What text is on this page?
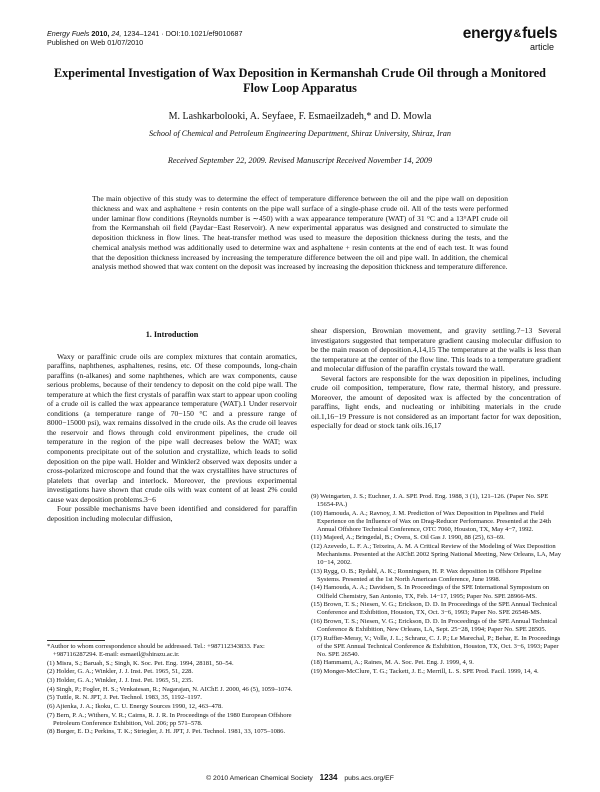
Energy Fuels 2010, 24, 1234–1241 · DOI:10.1021/ef9010687
Published on Web 01/07/2010
energy&fuels
article
Experimental Investigation of Wax Deposition in Kermanshah Crude Oil through a Monitored Flow Loop Apparatus
M. Lashkarbolooki, A. Seyfaee, F. Esmaeilzadeh,* and D. Mowla
School of Chemical and Petroleum Engineering Department, Shiraz University, Shiraz, Iran
Received September 22, 2009. Revised Manuscript Received November 14, 2009
The main objective of this study was to determine the effect of temperature difference between the oil and the pipe wall on deposition thickness and wax and asphaltene + resin contents on the pipe wall surface of a single-phase crude oil. All of the tests were performed under laminar flow conditions (Reynolds number is ∼450) with a wax appearance temperature (WAT) of 31 °C and a 13°API crude oil from the Kermanshah oil field (Paydar−East Reservoir). A new experimental apparatus was designed and constructed to simulate the deposition thickness in flow lines. The heat-transfer method was used to measure the deposition thickness during the tests, and the chemical analysis method was additionally used to determine wax and asphaltene + resin contents at the end of each test. It was found that the deposition thickness increased by increasing the temperature difference between the oil and pipe wall. In addition, the chemical analysis method showed that wax content on the deposit was increased by increasing the deposition thickness and temperature difference.
1. Introduction

Waxy or paraffinic crude oils are complex mixtures that contain aromatics, paraffins, naphthenes, asphaltenes, resins, etc. Of these compounds, long-chain paraffins (n-alkanes) and some naphthenes, which are wax components, cause serious problems, because of their tendency to deposit on the cold pipe wall. The temperature at which the first crystals of paraffin wax start to appear upon cooling of a crude oil is called the wax appearance temperature (WAT).1 Under reservoir conditions (a temperature range of 70−150 °C and a pressure range of 8000−15000 psi), wax remains dissolved in the crude oils. As the crude oil leaves the reservoir and flows through cold environment pipelines, the crude oil temperature in the region of the pipe wall decreases below the WAT; wax components precipitate out of the solution and crystallize, which leads to solid deposition on the pipe wall. Holder and Winkler2 observed wax deposits under a cross-polarized microscope and found that the wax crystallites have structures of platelets that overlap and interlock. Moreover, the previous experimental investigations have shown that crude oils with wax content of at least 2% could cause wax deposition problems.3−6

Four possible mechanisms have been identified and considered for paraffin deposition including molecular diffusion,

shear dispersion, Brownian movement, and gravity settling.7−13 Several investigators suggested that temperature gradient causing molecular diffusion to be the main reason of deposition.4,14,15 The temperature at the walls is less than the temperature at the center of the flow line. This leads to a temperature gradient and molecular diffusion of the paraffin crystals toward the wall.

Several factors are responsible for the wax deposition in pipelines, including crude oil composition, temperature, flow rate, thermal history, and pressure. Moreover, the amount of deposited wax is affected by the concentration of paraffins, light ends, and nucleating or inhibiting materials in the crude oil.1,16−19 Pressure is not considered as an important factor for wax deposition, especially for dead or stock tank oils.16,17

*Author to whom correspondence should be addressed. Tel.: +987112343833. Fax: +987116287294. E-mail: esmaeil@shirazu.ac.ir.
(1) Misra, S.; Baruah, S.; Singh, K. Soc. Pet. Eng. 1994, 28181, 50–54.
(2) Holder, G. A.; Winkler, J. J. Inst. Pet. 1965, 51, 228.
(3) Holder, G. A.; Winkler, J. J. Inst. Pet. 1965, 51, 235.
(4) Singh, P.; Fogler, H. S.; Venkatesan, R.; Nagarajan, N. AIChE J. 2000, 46 (5), 1059–1074.
(5) Tuttle, R. N. JPT, J. Pet. Technol. 1983, 35, 1192–1197.
(6) Ajienka, J. A.; Ikoku, C. U. Energy Sources 1990, 12, 463–478.
(7) Bern, P. A.; Withers, V. R.; Cairns, R. J. R. In Proceedings of the 1980 European Offshore Petroleum Conference Exhibition, Vol. 206; pp 571–578.
(8) Burger, E. D.; Perkins, T. K.; Striegler, J. H. JPT, J. Pet. Technol. 1981, 33, 1075–1086.
(9) Weingarten, J. S.; Euchner, J. A. SPE Prod. Eng. 1988, 3 (1), 121–126. (Paper No. SPE 15654-PA.)
(10) Hamouda, A. A.; Ravnoy, J. M. Prediction of Wax Deposition in Pipelines and Field Experience on the Influence of Wax on Drag-Reducer Performance. Presented at the 24th Annual Offshore Technical Conference, OTC 7060, Houston, TX, May 4−7, 1992.
(11) Majeed, A.; Bringedal, B.; Overa, S. Oil Gas J. 1990, 88 (25), 63–69.
(12) Azevedo, L. F. A.; Teixeira, A. M. A Critical Review of the Modeling of Wax Deposition Mechanisms. Presented at the AIChE 2002 Spring National Meeting, New Orleans, LA, May 10−14, 2002.
(13) Rygg, O. B.; Rydahl, A. K.; Ronningsen, H. P. Wax deposition in Offshore Pipeline Systems. Presented at the 1st North American Conference, June 1998.
(14) Hamouda, A. A.; Davidsen, S. In Proceedings of the SPE International Symposium on Oilfield Chemistry, San Antonio, TX, Feb. 14−17, 1995; Paper No. SPE 28966-MS.
(15) Brown, T. S.; Niesen, V. G.; Erickson, D. D. In Proceedings of the SPE Annual Technical Conference and Exhibition, Houston, TX, Oct. 3−6, 1993; Paper No. SPE 26548-MS.
(16) Brown, T. S.; Niesen, V. G.; Erickson, D. D. In Proceedings of the SPE Annual Technical Conference & Exhibition, New Orleans, LA, Sept. 25−28, 1994; Paper No. SPE 28505.
(17) Ruffier-Meray, V.; Volle, J. L.; Schranz, C. J. P.; Le Marechal, P.; Behar, E. In Proceedings of the SPE Annual Technical Conference & Exhibition, Houston, TX, Oct. 3−6, 1993; Paper No. SPE 26540.
(18) Hammami, A.; Raines, M. A. Soc. Pet. Eng. J. 1999, 4, 9.
(19) Monger-McClure, T. G.; Tackett, J. E.; Merrill, L. S. SPE Prod. Facil. 1999, 14, 4.
© 2010 American Chemical Society 1234 pubs.acs.org/EF
